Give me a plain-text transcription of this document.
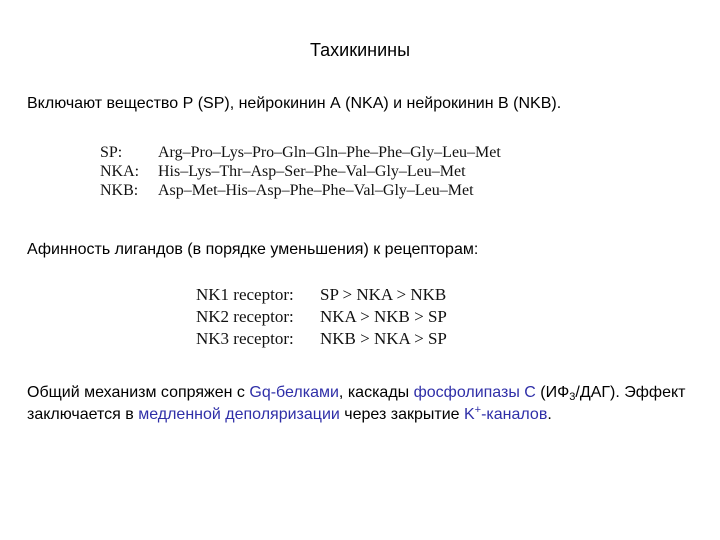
Тахикинины
Включают вещество Р (SP), нейрокинин А (NKA) и нейрокинин В (NKB).
SP:	Arg–Pro–Lys–Pro–Gln–Gln–Phe–Phe–Gly–Leu–Met
NKA:	His–Lys–Thr–Asp–Ser–Phe–Val–Gly–Leu–Met
NKB:	Asp–Met–His–Asp–Phe–Phe–Val–Gly–Leu–Met
Афинность лигандов (в порядке уменьшения) к рецепторам:
NK1 receptor:	SP > NKA > NKB
NK2 receptor:	NKA > NKB > SP
NK3 receptor:	NKB > NKA > SP
Общий механизм сопряжен с Gq-белками, каскады фосфолипазы С $(ИФ_3/ДАГ)$. Эффект заключается в медленной деполяризации через закрытие K+-каналов.
